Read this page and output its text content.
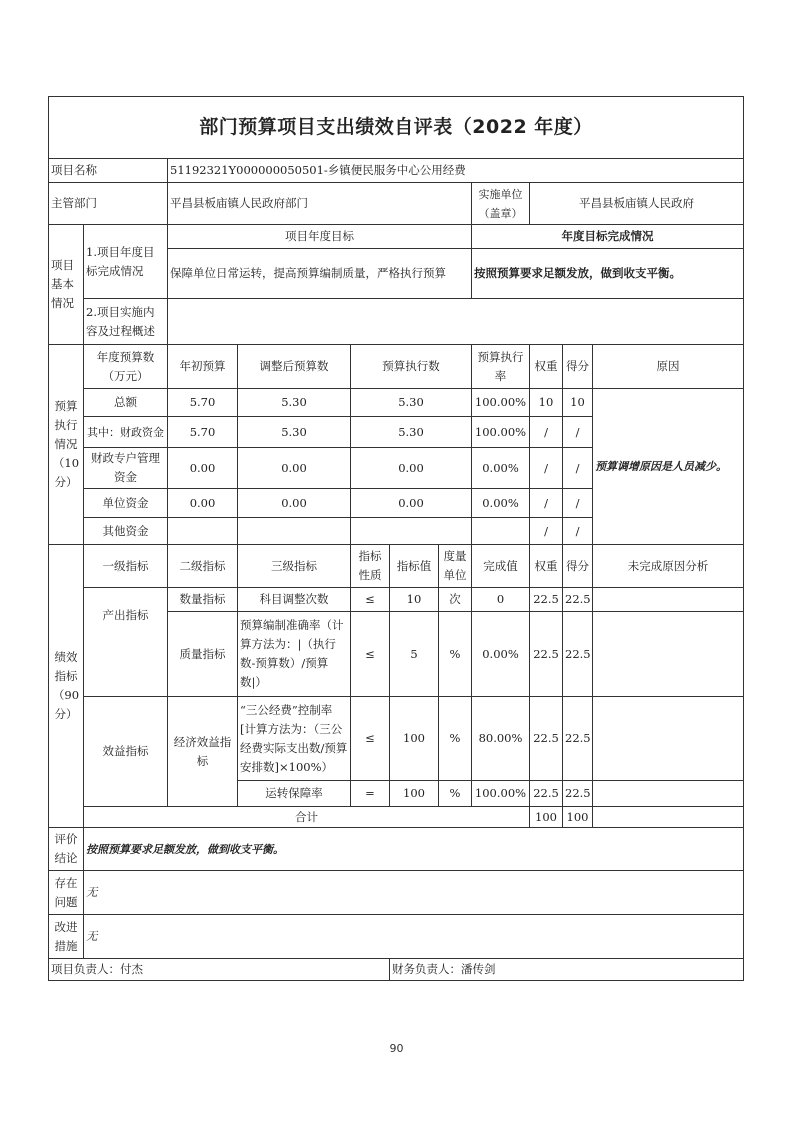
部门预算项目支出绩效自评表（2022 年度）										
项目名称		51192321Y000000050501-乡镇便民服务中心公用经费								
主管部门		平昌县板庙镇人民政府部门					实施单位（盖章）	平昌县板庙镇人民政府		
项目基本情况	1.项目年度目标完成情况	项目年度目标					年度目标完成情况			
		保障单位日常运转，提高预算编制质量，严格执行预算					按照预算要求足额发放，做到收支平衡。			
	2.项目实施内容及过程概述									
预算执行情况（10分）	年度预算数（万元）	年初预算	调整后预算数	预算执行数			预算执行率	权重	得分	原因
	总额	5.70	5.30	5.30			100.00%	10	10	预算调增原因是人员减少。
	其中：财政资金	5.70	5.30	5.30			100.00%	/	/	
	财政专户管理资金	0.00	0.00	0.00			0.00%	/	/	
	单位资金	0.00	0.00	0.00			0.00%	/	/	
	其他资金							/	/	
绩效指标（90分）	一级指标	二级指标	三级指标	指标性质	指标值	度量单位	完成值	权重	得分	未完成原因分析
	产出指标	数量指标	科目调整次数	≤	10	次	0	22.5	22.5	
		质量指标	预算编制准确率（计算方法为：|（执行数-预算数）/预算数|）	≤	5	%	0.00%	22.5	22.5	
	效益指标	经济效益指标	“三公经费”控制率[计算方法为：（三公经费实际支出数/预算安排数]×100%）	≤	100	%	80.00%	22.5	22.5	
			运转保障率	=	100	%	100.00%	22.5	22.5	
	合计							100	100	
评价结论	按照预算要求足额发放，做到收支平衡。									
存在问题	无									
改进措施	无									
项目负责人：付杰					财务负责人：潘传剑					
90
